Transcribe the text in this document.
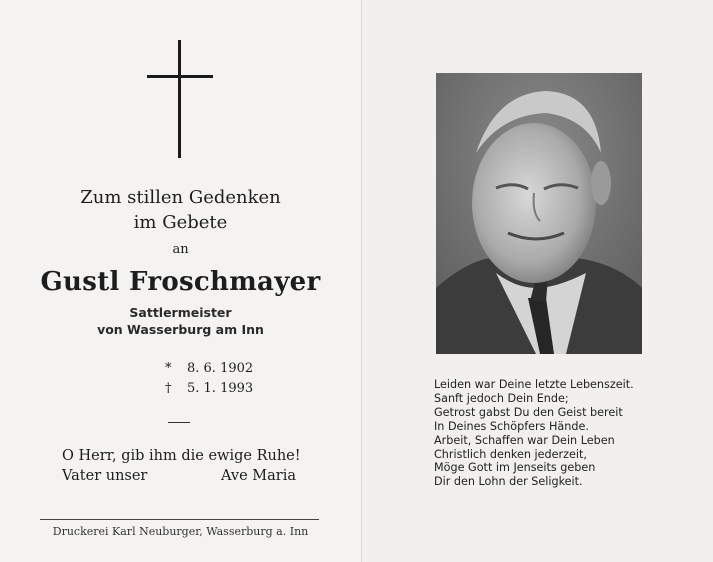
Zum stillen Gedenken
im Gebete
an
Gustl Froschmayer
Sattlermeister
von Wasserburg am Inn
* 8. 6. 1902
† 5. 1. 1993
O Herr, gib ihm die ewige Ruhe!
Vater unser	Ave Maria
Druckerei Karl Neuburger, Wasserburg a. Inn
Leiden war Deine letzte Lebenszeit.
Sanft jedoch Dein Ende;
Getrost gabst Du den Geist bereit
In Deines Schöpfers Hände.
Arbeit, Schaffen war Dein Leben
Christlich denken jederzeit,
Möge Gott im Jenseits geben
Dir den Lohn der Seligkeit.
